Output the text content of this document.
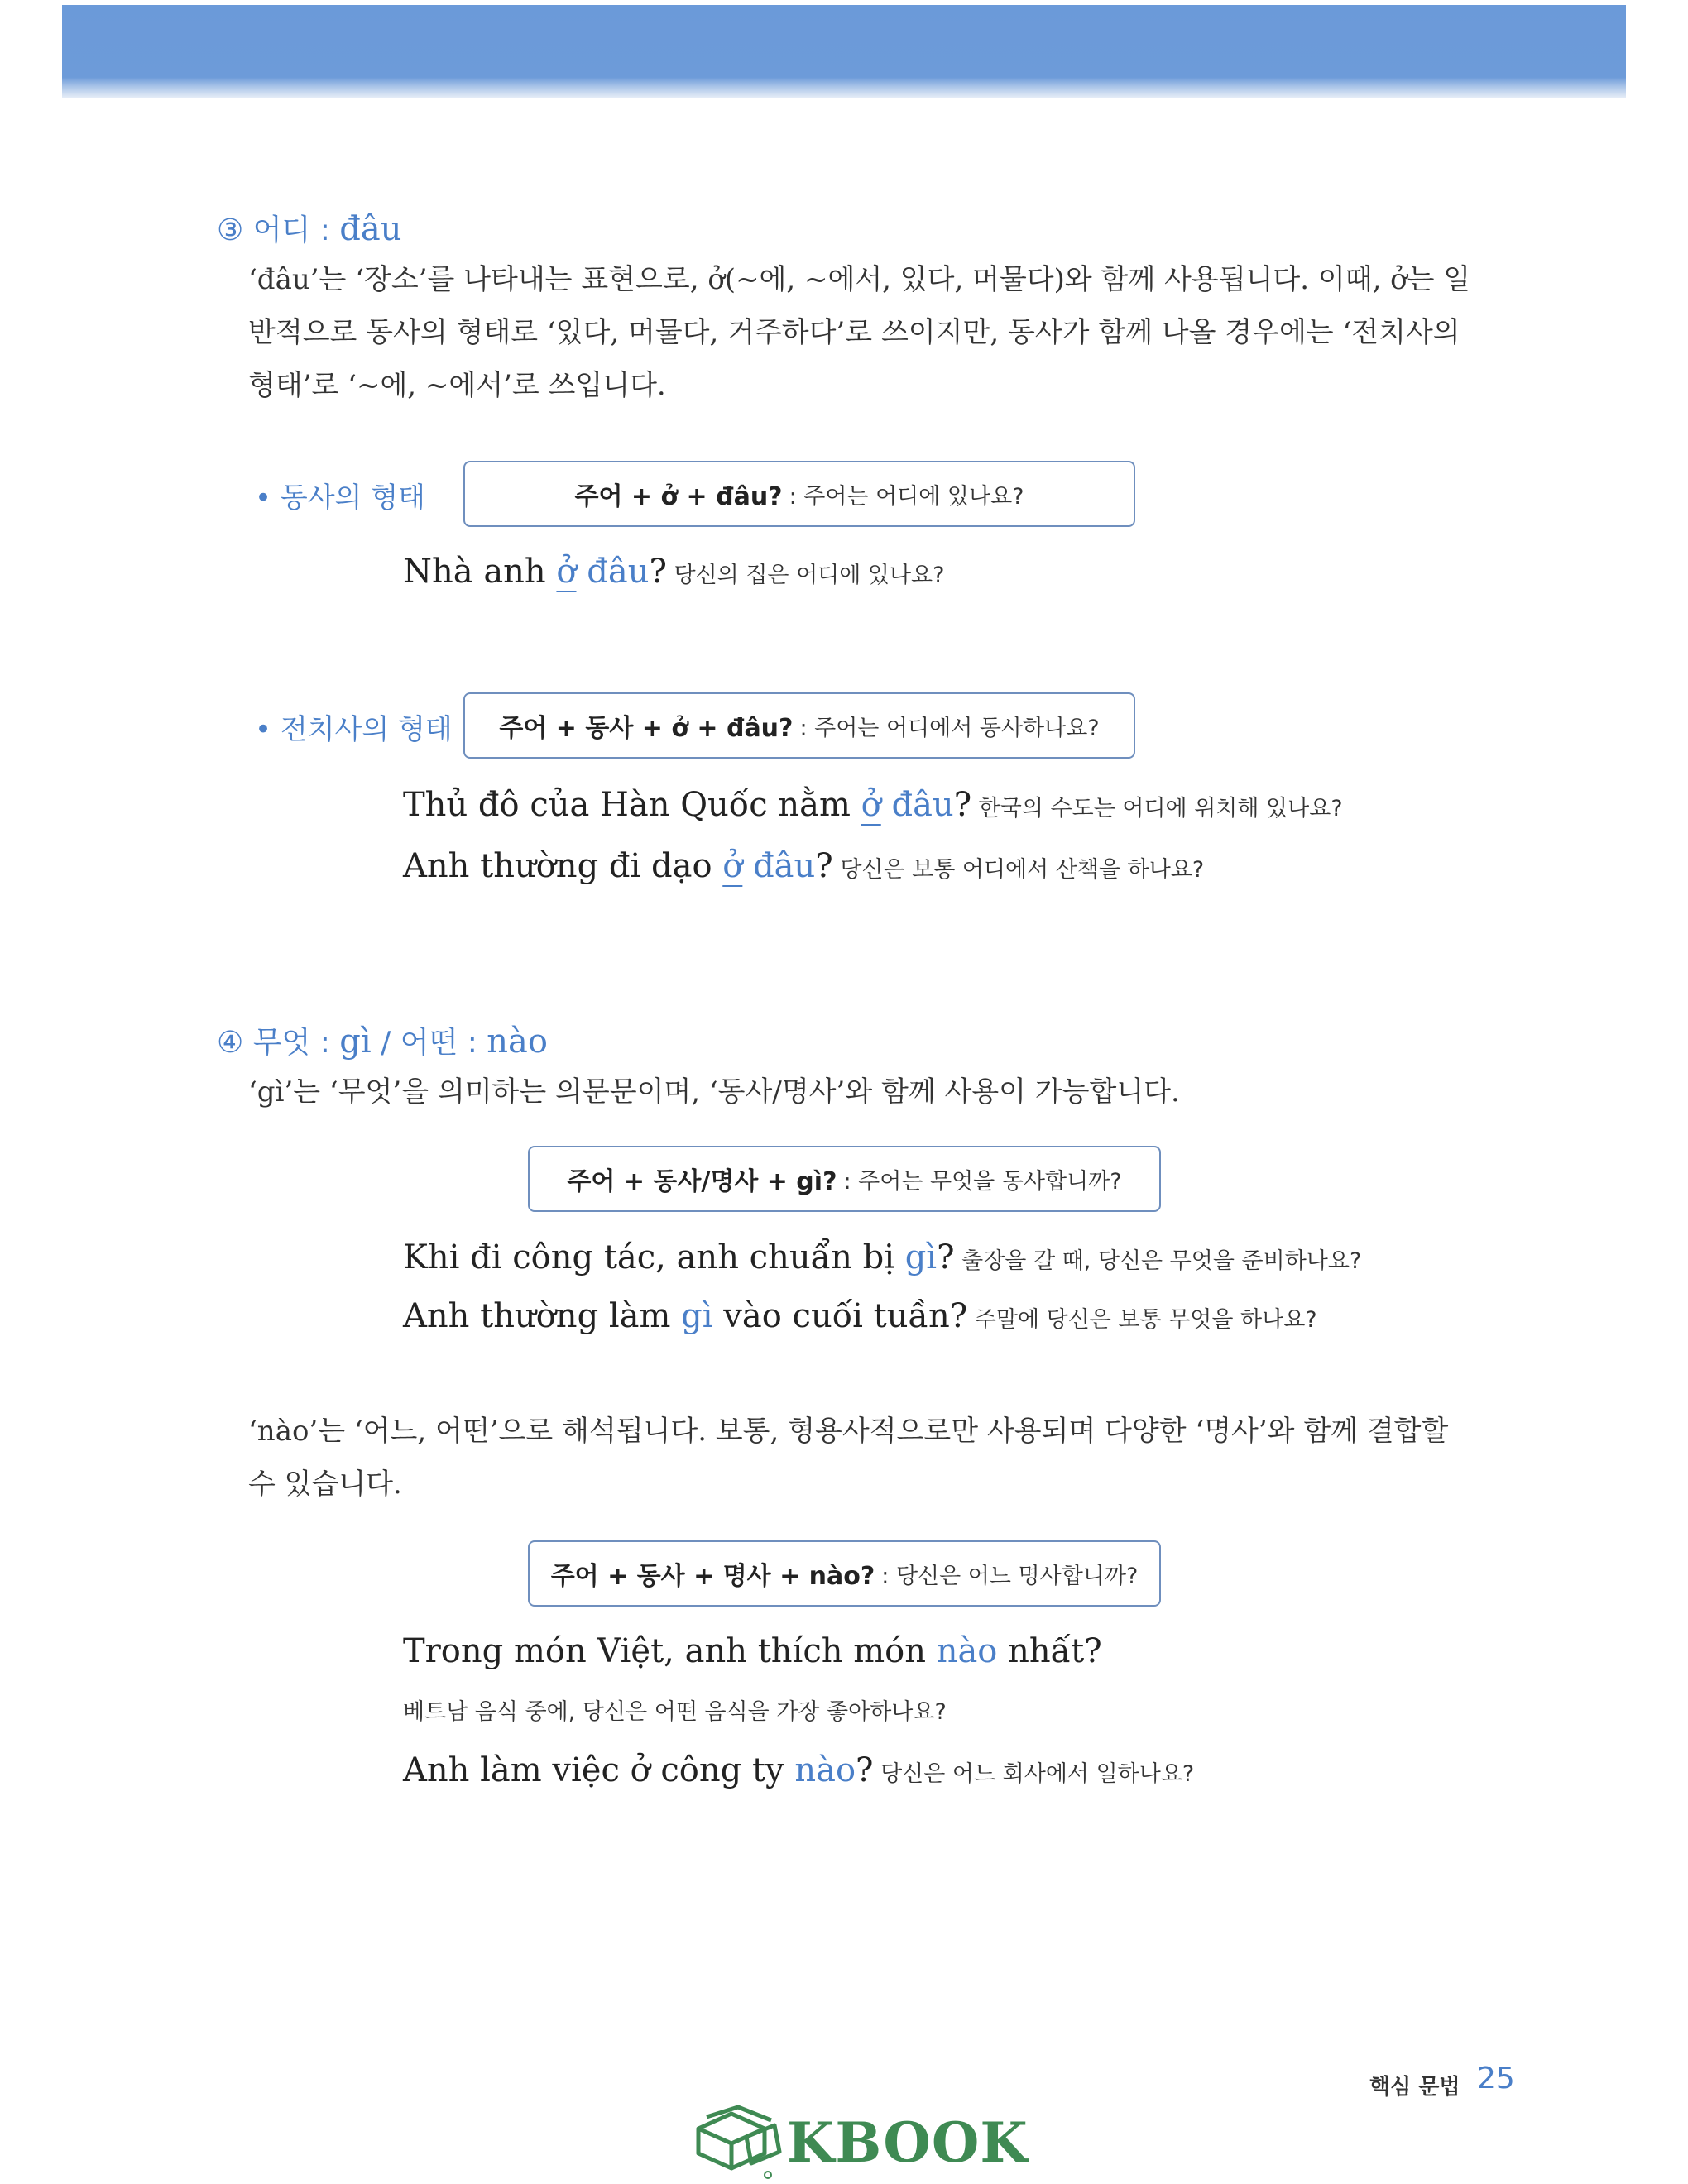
③ 어디 : đâu
‘đâu’는 ‘장소’를 나타내는 표현으로, ở(~에, ~에서, 있다, 머물다)와 함께 사용됩니다. 이때, ở는 일반적으로 동사의 형태로 ‘있다, 머물다, 거주하다’로 쓰이지만, 동사가 함께 나올 경우에는 ‘전치사의 형태’로 ‘~에, ~에서’로 쓰입니다.
• 동사의 형태	주어 + ở + đâu? : 주어는 어디에 있나요?
Nhà anh ở đâu? 당신의 집은 어디에 있나요?
• 전치사의 형태 주어 + 동사 + ở + đâu? : 주어는 어디에서 동사하나요?
Thủ đô của Hàn Quốc nằm ở đâu? 한국의 수도는 어디에 위치해 있나요?
Anh thường đi dạo ở đâu? 당신은 보통 어디에서 산책을 하나요?
④ 무엇 : gì / 어떤 : nào
‘gì’는 ‘무엇’을 의미하는 의문문이며, ‘동사/명사’와 함께 사용이 가능합니다.
주어 + 동사/명사 + gì? : 주어는 무엇을 동사합니까?
Khi đi công tác, anh chuẩn bị gì? 출장을 갈 때, 당신은 무엇을 준비하나요?
Anh thường làm gì vào cuối tuần? 주말에 당신은 보통 무엇을 하나요?
‘nào’는 ‘어느, 어떤’으로 해석됩니다. 보통, 형용사적으로만 사용되며 다양한 ‘명사’와 함께 결합할 수 있습니다.
주어 + 동사 + 명사 + nào? : 당신은 어느 명사합니까?
Trong món Việt, anh thích món nào nhất?
베트남 음식 중에, 당신은 어떤 음식을 가장 좋아하나요?
Anh làm việc ở công ty nào? 당신은 어느 회사에서 일하나요?
핵심 문법 25
KBOOK
